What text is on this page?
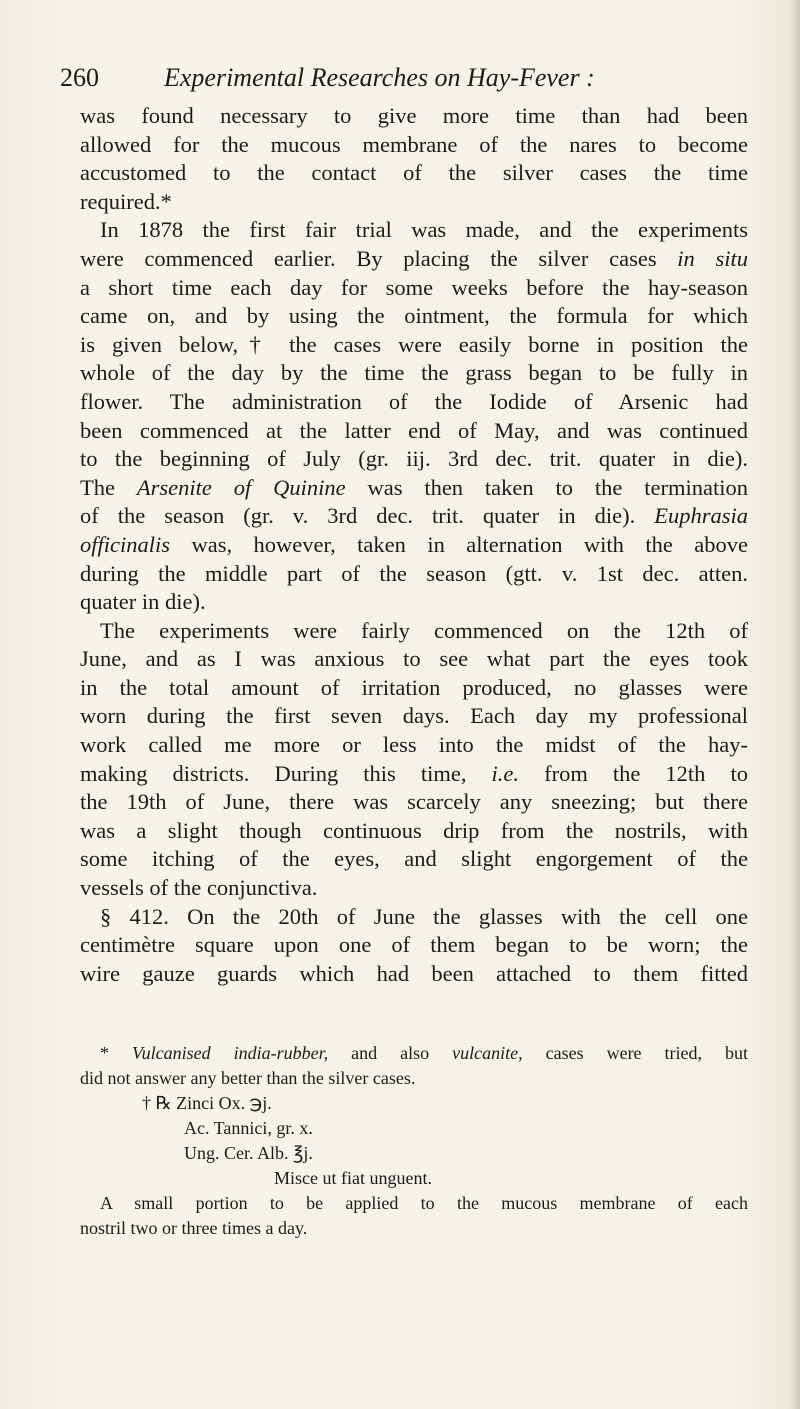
260	Experimental Researches on Hay-Fever :
was found necessary to give more time than had been
allowed for the mucous membrane of the nares to become
accustomed to the contact of the silver cases the time
required.*
In 1878 the first fair trial was made, and the experiments
were commenced earlier. By placing the silver cases in situ
a short time each day for some weeks before the hay-season
came on, and by using the ointment, the formula for which
is given below,† the cases were easily borne in position the
whole of the day by the time the grass began to be fully in
flower. The administration of the Iodide of Arsenic had
been commenced at the latter end of May, and was continued
to the beginning of July (gr. iij. 3rd dec. trit. quater in die).
The Arsenite of Quinine was then taken to the termination
of the season (gr. v. 3rd dec. trit. quater in die). Euphrasia
officinalis was, however, taken in alternation with the above
during the middle part of the season (gtt. v. 1st dec. atten.
quater in die).
The experiments were fairly commenced on the 12th of
June, and as I was anxious to see what part the eyes took
in the total amount of irritation produced, no glasses were
worn during the first seven days. Each day my professional
work called me more or less into the midst of the hay-
making districts. During this time, i.e. from the 12th to
the 19th of June, there was scarcely any sneezing; but there
was a slight though continuous drip from the nostrils, with
some itching of the eyes, and slight engorgement of the
vessels of the conjunctiva.
§ 412. On the 20th of June the glasses with the cell one
centimètre square upon one of them began to be worn; the
wire gauze guards which had been attached to them fitted
* Vulcanised india-rubber, and also vulcanite, cases were tried, but
did not answer any better than the silver cases.
† ℞ Zinci Ox. ℈j.
Ac. Tannici, gr. x.
Ung. Cer. Alb. ℥j.
Misce ut fiat unguent.
A small portion to be applied to the mucous membrane of each
nostril two or three times a day.
